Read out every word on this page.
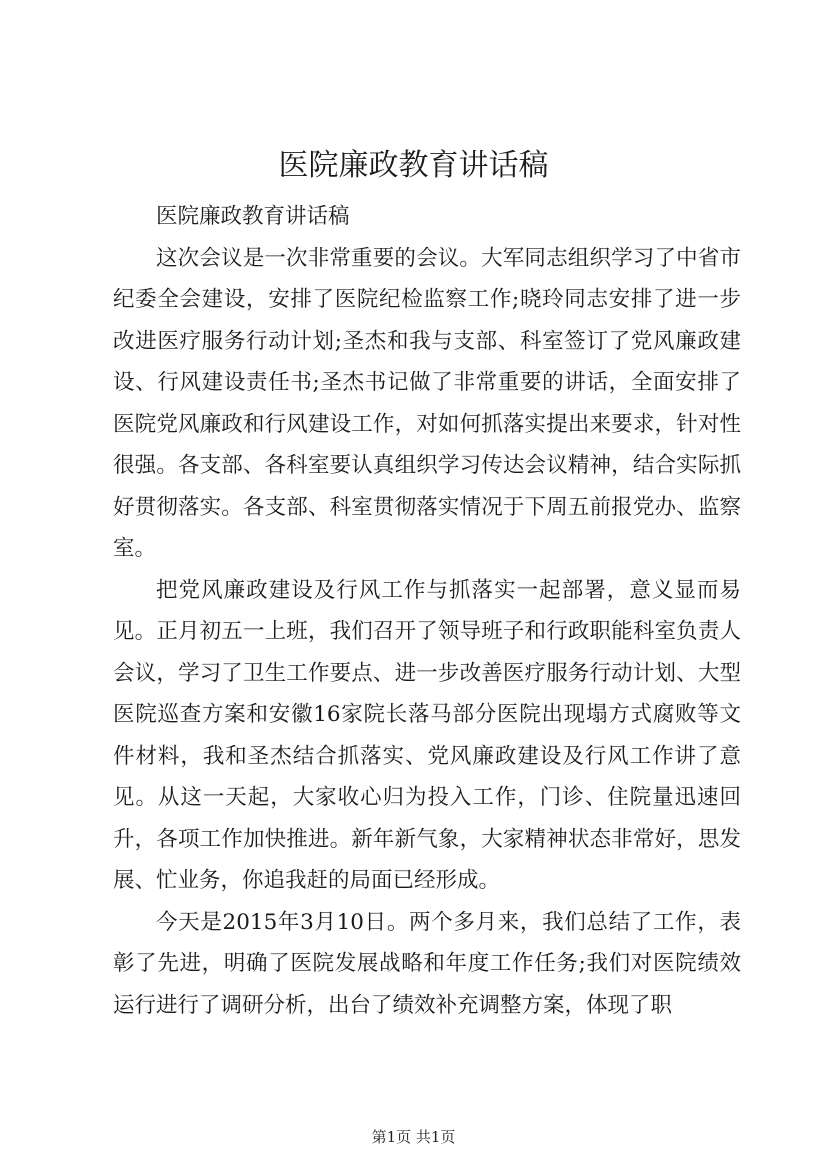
医院廉政教育讲话稿

医院廉政教育讲话稿

这次会议是一次非常重要的会议。大军同志组织学习了中省市纪委全会建设，安排了医院纪检监察工作;晓玲同志安排了进一步改进医疗服务行动计划;圣杰和我与支部、科室签订了党风廉政建设、行风建设责任书;圣杰书记做了非常重要的讲话，全面安排了医院党风廉政和行风建设工作，对如何抓落实提出来要求，针对性很强。各支部、各科室要认真组织学习传达会议精神，结合实际抓好贯彻落实。各支部、科室贯彻落实情况于下周五前报党办、监察室。

把党风廉政建设及行风工作与抓落实一起部署，意义显而易见。正月初五一上班，我们召开了领导班子和行政职能科室负责人会议，学习了卫生工作要点、进一步改善医疗服务行动计划、大型医院巡查方案和安徽16家院长落马部分医院出现塌方式腐败等文件材料，我和圣杰结合抓落实、党风廉政建设及行风工作讲了意见。从这一天起，大家收心归为投入工作，门诊、住院量迅速回升，各项工作加快推进。新年新气象，大家精神状态非常好，思发展、忙业务，你追我赶的局面已经形成。

今天是2015年3月10日。两个多月来，我们总结了工作，表彰了先进，明确了医院发展战略和年度工作任务;我们对医院绩效运行进行了调研分析，出台了绩效补充调整方案，体现了职

第1页 共1页
